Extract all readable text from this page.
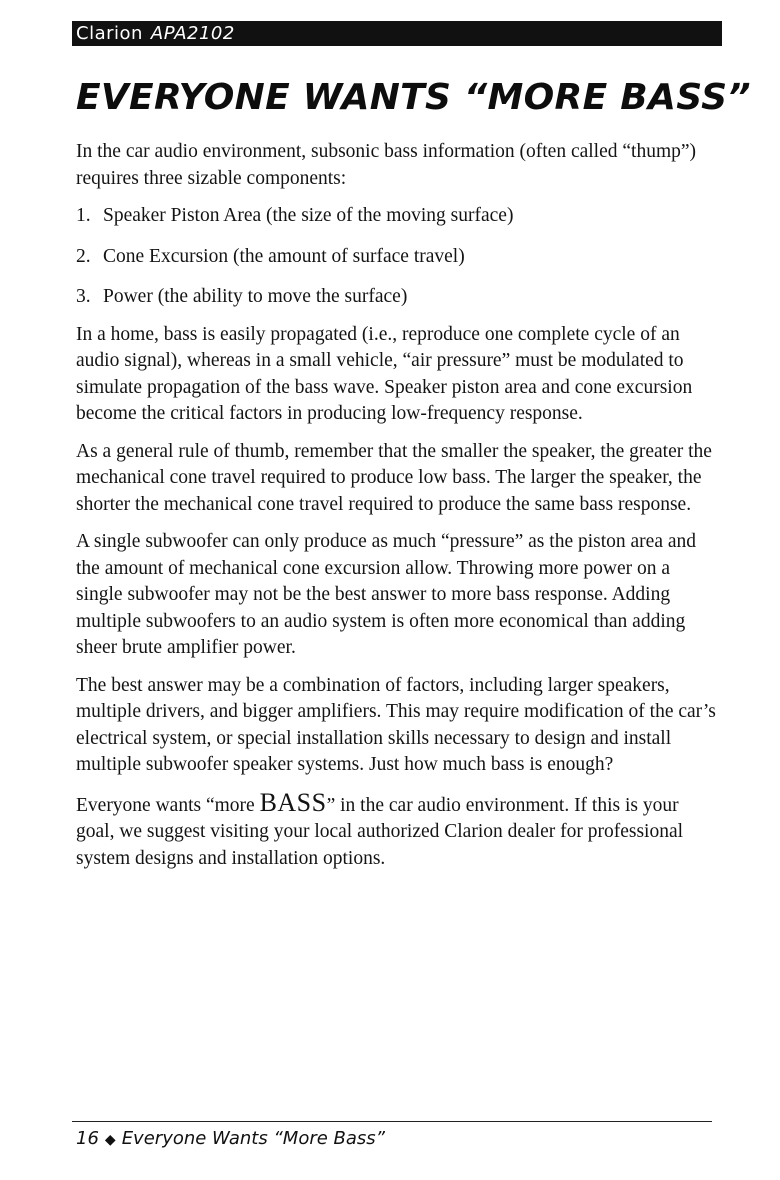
Clarion APA2102
EVERYONE WANTS “MORE BASS”

In the car audio environment, subsonic bass information (often called “thump”) requires three sizable components:

1. Speaker Piston Area (the size of the moving surface)
2. Cone Excursion (the amount of surface travel)
3. Power (the ability to move the surface)

In a home, bass is easily propagated (i.e., reproduce one complete cycle of an audio signal), whereas in a small vehicle, “air pressure” must be modulated to simulate propagation of the bass wave. Speaker piston area and cone excursion become the critical factors in producing low-frequency response.

As a general rule of thumb, remember that the smaller the speaker, the greater the mechanical cone travel required to produce low bass. The larger the speaker, the shorter the mechanical cone travel required to produce the same bass response.

A single subwoofer can only produce as much “pressure” as the piston area and the amount of mechanical cone excursion allow. Throwing more power on a single subwoofer may not be the best answer to more bass response. Adding multiple subwoofers to an audio system is often more economical than adding sheer brute amplifier power.

The best answer may be a combination of factors, including larger speakers, multiple drivers, and bigger amplifiers. This may require modification of the car’s electrical system, or special installation skills necessary to design and install multiple subwoofer speaker systems. Just how much bass is enough?

Everyone wants “more BASS” in the car audio environment. If this is your goal, we suggest visiting your local authorized Clarion dealer for professional system designs and installation options.

16 ◆ Everyone Wants “More Bass”
